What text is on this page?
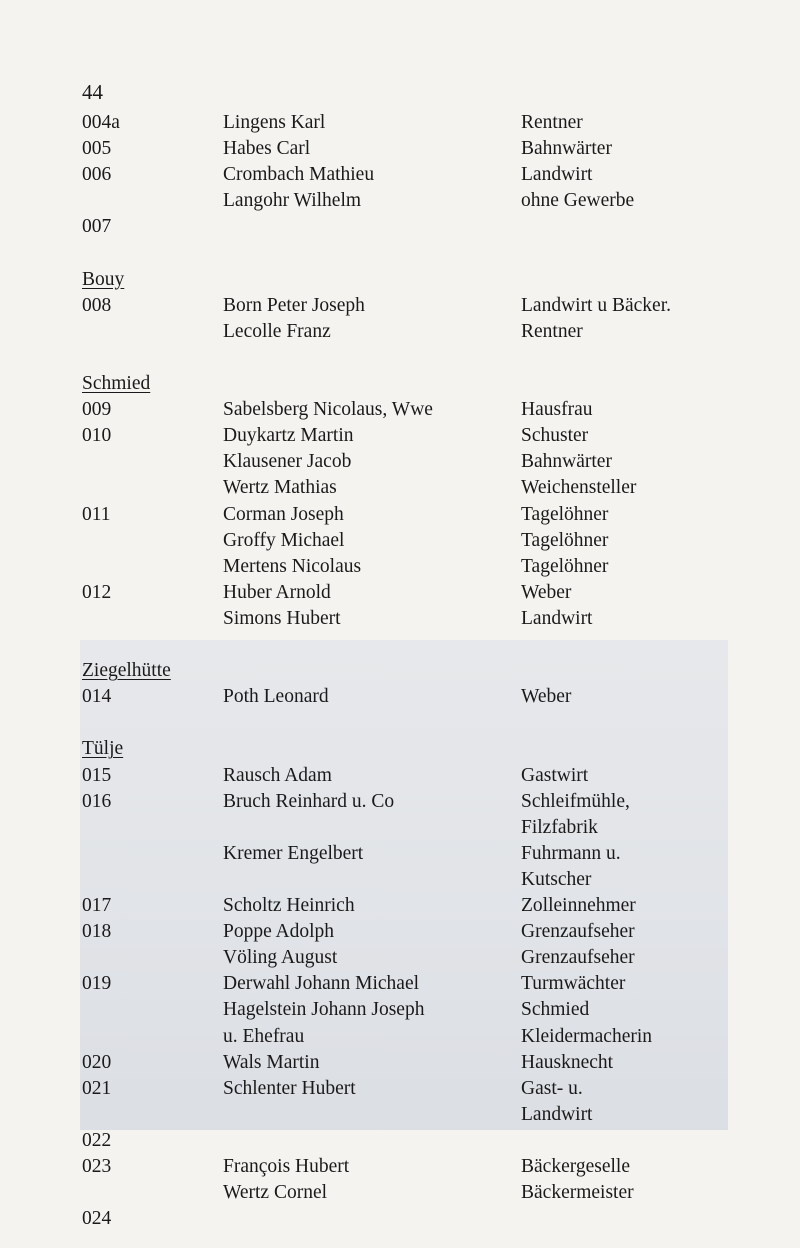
44
004a	Lingens Karl	Rentner
005	Habes Carl	Bahnwärter
006	Crombach Mathieu	Landwirt
Langohr Wilhelm	ohne Gewerbe
007
Bouy
008	Born Peter Joseph	Landwirt u Bäcker.
Lecolle Franz	Rentner
Schmied
009	Sabelsberg Nicolaus, Wwe	Hausfrau
010	Duykartz Martin	Schuster
Klausener Jacob	Bahnwärter
Wertz Mathias	Weichensteller
011	Corman Joseph	Tagelöhner
Groffy Michael	Tagelöhner
Mertens Nicolaus	Tagelöhner
012	Huber Arnold	Weber
Simons Hubert	Landwirt
Ziegelhütte
014	Poth Leonard	Weber
Tülje
015	Rausch Adam	Gastwirt
016	Bruch Reinhard u. Co	Schleifmühle,
Filzfabrik
Kremer Engelbert	Fuhrmann u.
Kutscher
017	Scholtz Heinrich	Zolleinnehmer
018	Poppe Adolph	Grenzaufseher
Völing August	Grenzaufseher
019	Derwahl Johann Michael	Turmwächter
Hagelstein Johann Joseph	Schmied
u. Ehefrau	Kleidermacherin
020	Wals Martin	Hausknecht
021	Schlenter Hubert	Gast- u.
Landwirt
022
023	François Hubert	Bäckergeselle
Wertz Cornel	Bäckermeister
024
